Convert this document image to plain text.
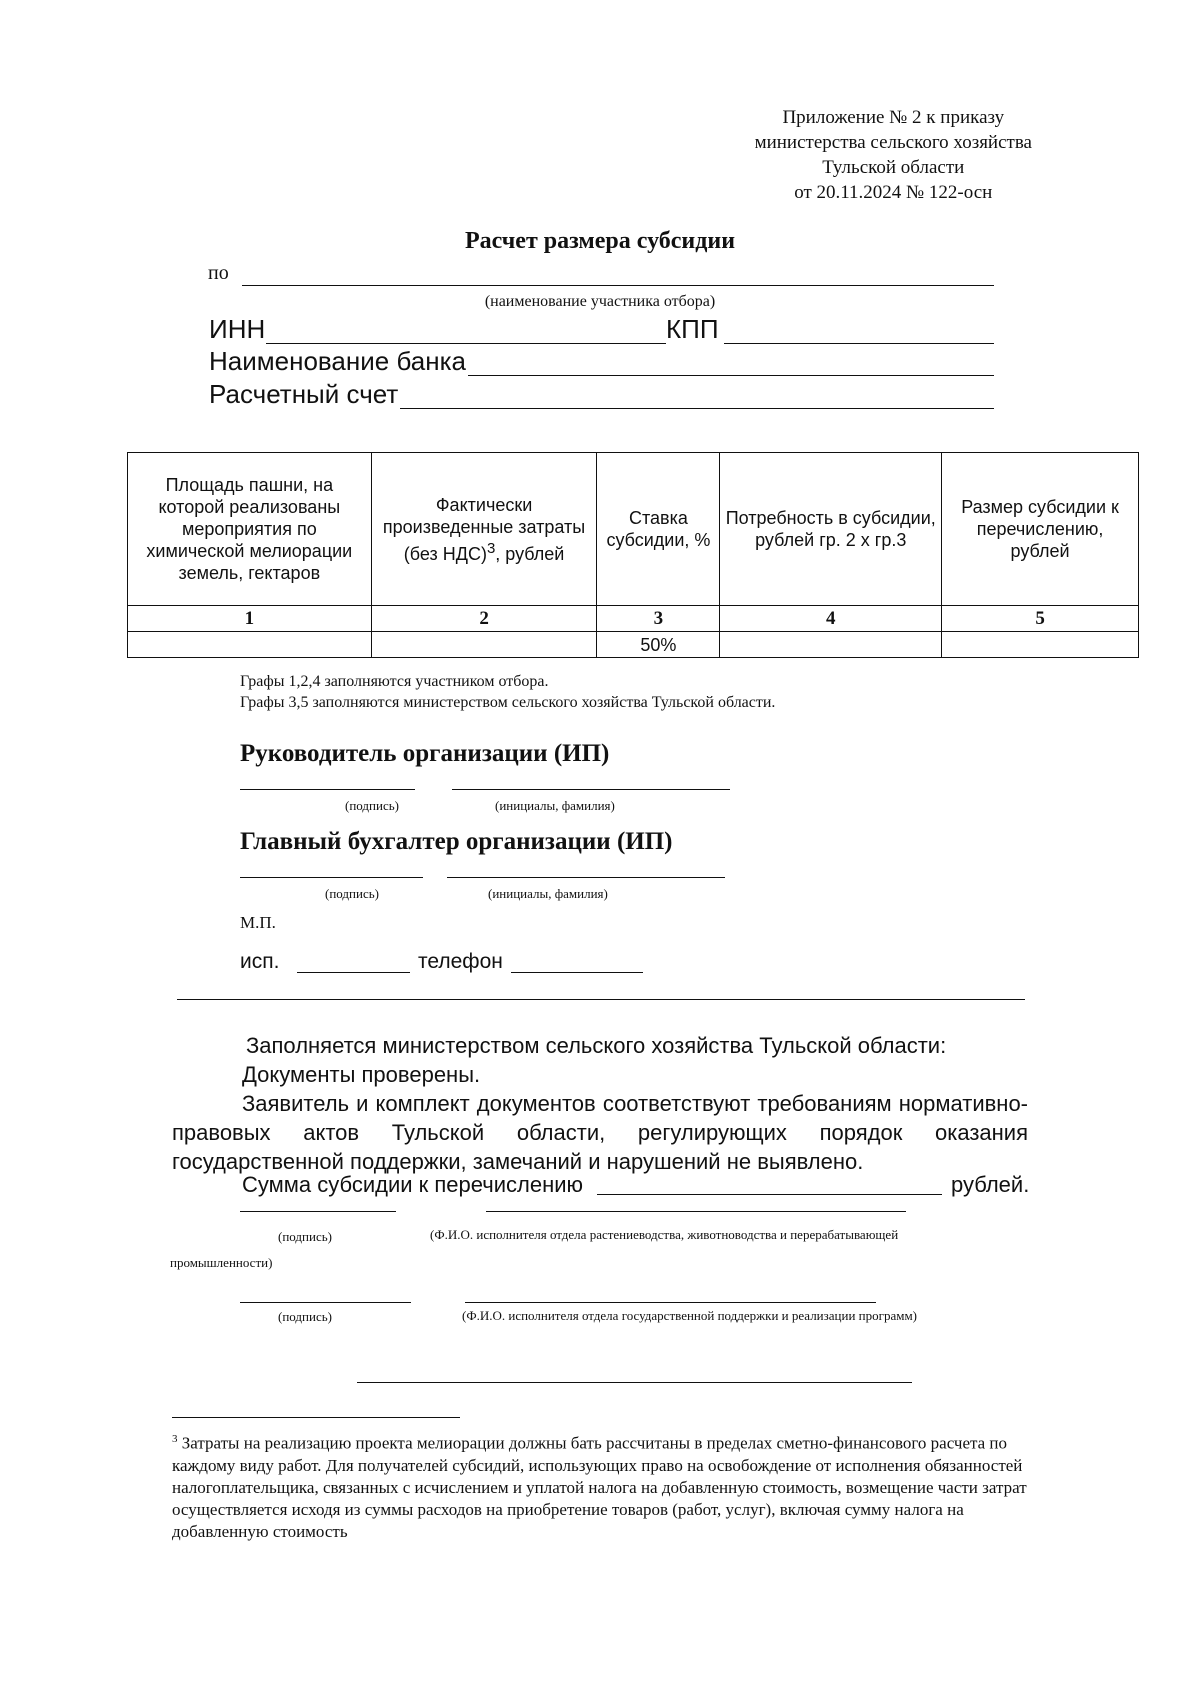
Приложение № 2 к приказу
министерства сельского хозяйства
Тульской области
от 20.11.2024 № 122-осн
Расчет размера субсидии
по
(наименование участника отбора)
ИНН	КПП
Наименование банка
Расчетный счет
Площадь пашни, на которой реализованы мероприятия по химической мелиорации земель, гектаров	Фактически произведенные затраты (без НДС)$^3$, рублей	Ставка субсидии, %	Потребность в субсидии, рублей гр. 2 х гр.3	Размер субсидии к перечислению, рублей
1	2	3	4	5
		50%		
Графы 1,2,4 заполняются участником отбора.
Графы 3,5 заполняются министерством сельского хозяйства Тульской области.
Руководитель организации (ИП)
(подпись)	(инициалы, фамилия)
Главный бухгалтер организации (ИП)
(подпись)	(инициалы, фамилия)
М.П.
исп.	телефон
Заполняется министерством сельского хозяйства Тульской области:
Документы проверены.
Заявитель и комплект документов соответствуют требованиям нормативно-правовых актов Тульской области, регулирующих порядок оказания государственной поддержки, замечаний и нарушений не выявлено.
Сумма субсидии к перечислению	рублей.
(подпись)	(Ф.И.О. исполнителя отдела растениеводства, животноводства и перерабатывающей
промышленности)
(подпись)	(Ф.И.О. исполнителя отдела государственной поддержки и реализации программ)
$^3$ Затраты на реализацию проекта мелиорации должны бать рассчитаны в пределах сметно-финансового расчета по каждому виду работ. Для получателей субсидий, использующих право на освобождение от исполнения обязанностей налогоплательщика, связанных с исчислением и уплатой налога на добавленную стоимость, возмещение части затрат осуществляется исходя из суммы расходов на приобретение товаров (работ, услуг), включая сумму налога на добавленную стоимость
